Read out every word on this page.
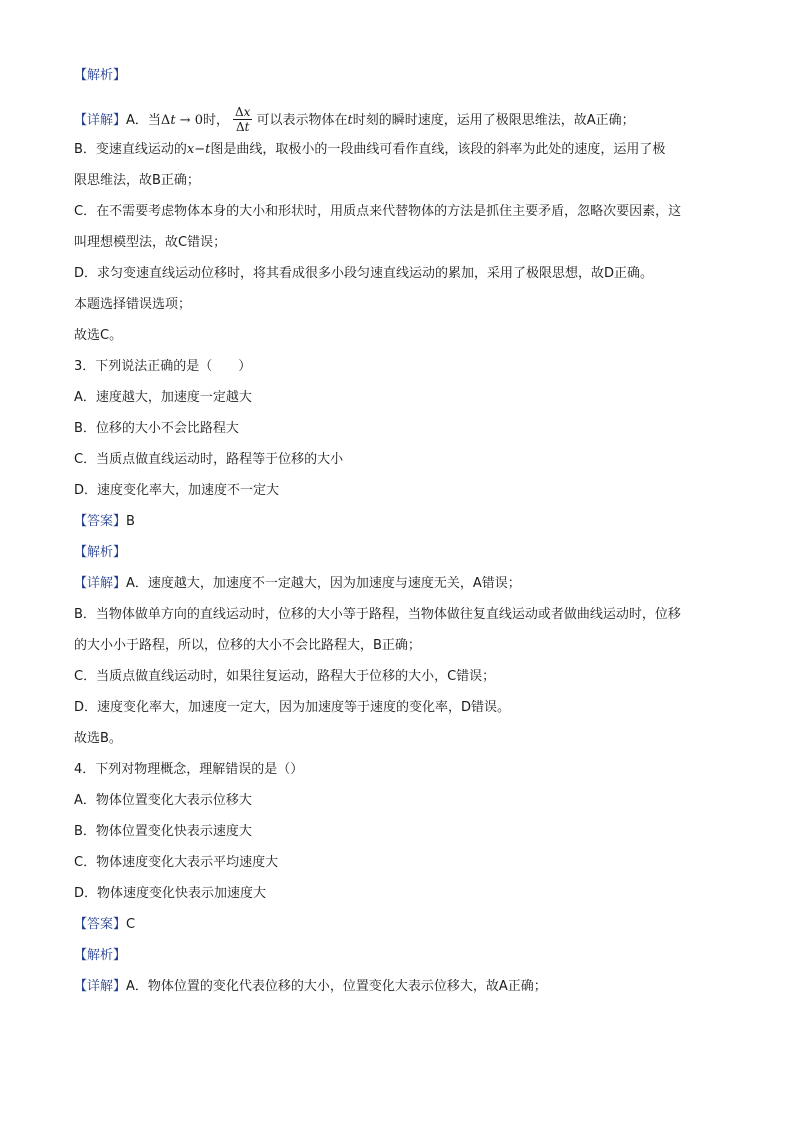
【解析】
【详解】A．当Δt → 0时， $\frac{\Delta x}{\Delta t}$ 可以表示物体在t时刻的瞬时速度，运用了极限思维法，故A正确；
B．变速直线运动的x−t图是曲线，取极小的一段曲线可看作直线，该段的斜率为此处的速度，运用了极
限思维法，故B正确；
C．在不需要考虑物体本身的大小和形状时，用质点来代替物体的方法是抓住主要矛盾，忽略次要因素，这
叫理想模型法，故C错误；
D．求匀变速直线运动位移时，将其看成很多小段匀速直线运动的累加，采用了极限思想，故D正确。
本题选择错误选项；
故选C。
3．下列说法正确的是（　　）
A．速度越大，加速度一定越大
B．位移的大小不会比路程大
C．当质点做直线运动时，路程等于位移的大小
D．速度变化率大，加速度不一定大
【答案】B
【解析】
【详解】A．速度越大，加速度不一定越大，因为加速度与速度无关，A错误；
B．当物体做单方向的直线运动时，位移的大小等于路程，当物体做往复直线运动或者做曲线运动时，位移
的大小小于路程，所以，位移的大小不会比路程大，B正确；
C．当质点做直线运动时，如果往复运动，路程大于位移的大小，C错误；
D．速度变化率大，加速度一定大，因为加速度等于速度的变化率，D错误。
故选B。
4．下列对物理概念，理解错误的是（）
A．物体位置变化大表示位移大
B．物体位置变化快表示速度大
C．物体速度变化大表示平均速度大
D．物体速度变化快表示加速度大
【答案】C
【解析】
【详解】A．物体位置的变化代表位移的大小，位置变化大表示位移大，故A正确；
